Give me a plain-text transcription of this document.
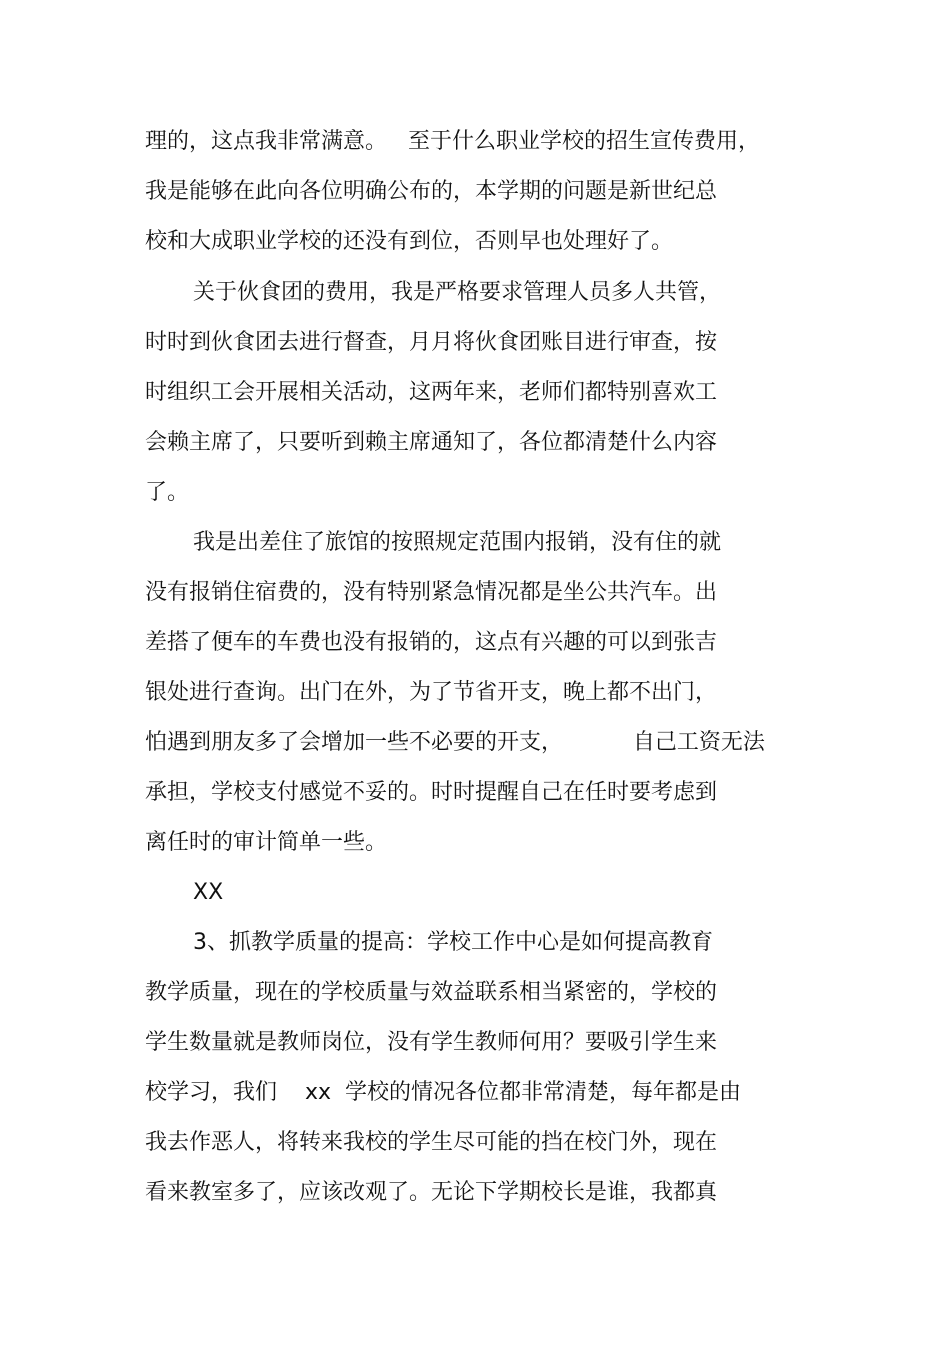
理的，这点我非常满意。   至于什么职业学校的招生宣传费用，
我是能够在此向各位明确公布的，本学期的问题是新世纪总
校和大成职业学校的还没有到位，否则早也处理好了。
关于伙食团的费用，我是严格要求管理人员多人共管，
时时到伙食团去进行督查，月月将伙食团账目进行审查，按
时组织工会开展相关活动，这两年来，老师们都特别喜欢工
会赖主席了，只要听到赖主席通知了，各位都清楚什么内容
了。
我是出差住了旅馆的按照规定范围内报销，没有住的就
没有报销住宿费的，没有特别紧急情况都是坐公共汽车。出
差搭了便车的车费也没有报销的，这点有兴趣的可以到张吉
银处进行查询。出门在外，为了节省开支，晚上都不出门，
怕遇到朋友多了会增加一些不必要的开支，          自己工资无法
承担，学校支付感觉不妥的。时时提醒自己在任时要考虑到
离任时的审计简单一些。
XX
3、抓教学质量的提高：学校工作中心是如何提高教育
教学质量，现在的学校质量与效益联系相当紧密的，学校的
学生数量就是教师岗位，没有学生教师何用？要吸引学生来
校学习，我们    xx  学校的情况各位都非常清楚，每年都是由
我去作恶人，将转来我校的学生尽可能的挡在校门外，现在
看来教室多了，应该改观了。无论下学期校长是谁，我都真
